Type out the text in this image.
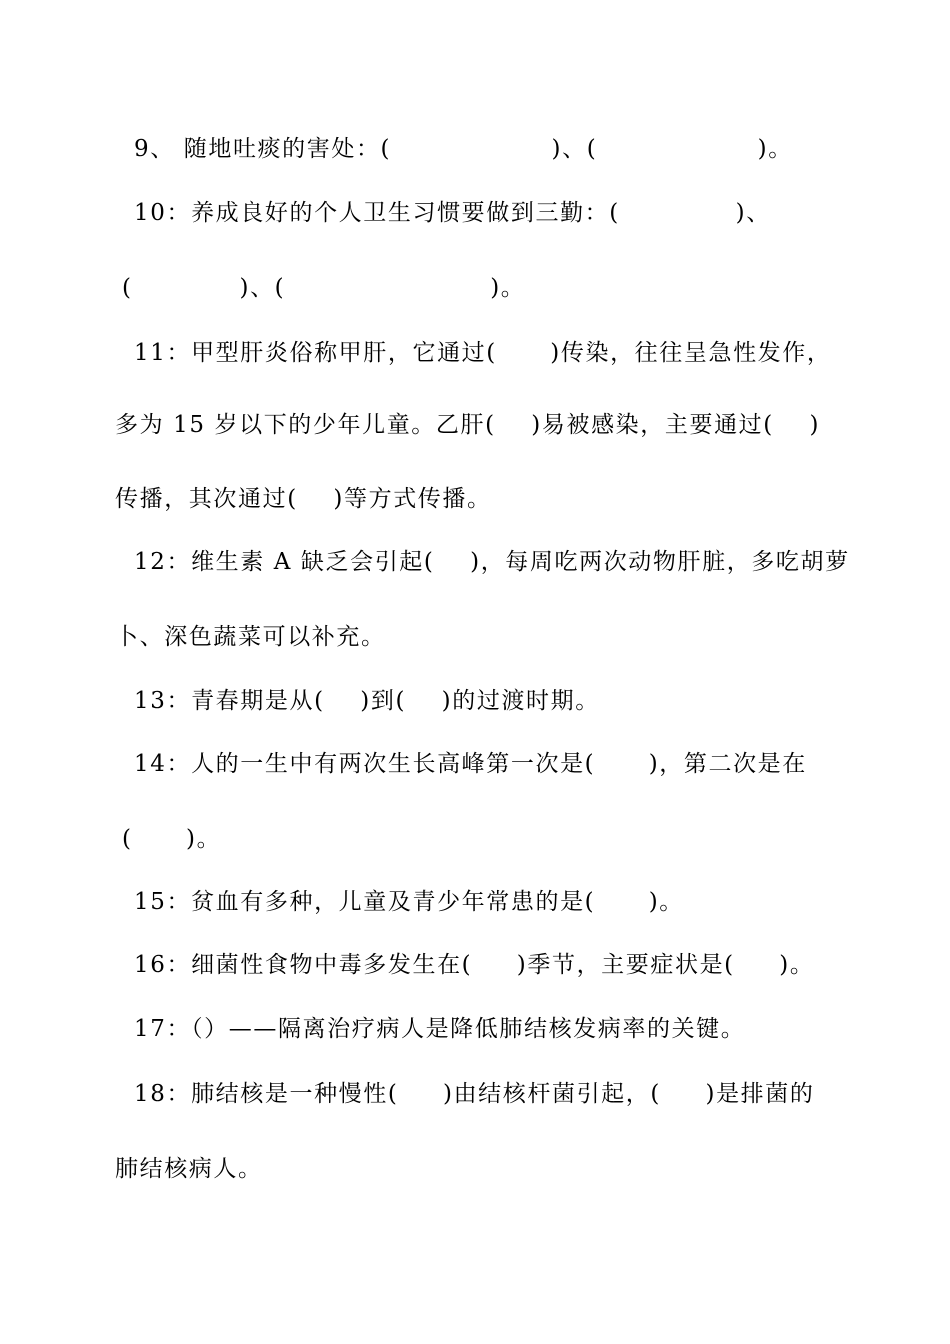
9、 随地吐痰的害处：(                  )、(                  )。
10：养成良好的个人卫生习惯要做到三勤：(             )、
(            )、(                       )。
11：甲型肝炎俗称甲肝，它通过(      )传染，往往呈急性发作，
多为 15 岁以下的少年儿童。乙肝(    )易被感染，主要通过(    )
传播，其次通过(    )等方式传播。
12：维生素 A 缺乏会引起(    )，每周吃两次动物肝脏，多吃胡萝
卜、深色蔬菜可以补充。
13：青春期是从(    )到(    )的过渡时期。
14：人的一生中有两次生长高峰第一次是(      )，第二次是在
(      )。
15：贫血有多种，儿童及青少年常患的是(      )。
16：细菌性食物中毒多发生在(     )季节，主要症状是(     )。
17：（）——隔离治疗病人是降低肺结核发病率的关键。
18：肺结核是一种慢性(     )由结核杆菌引起，(     )是排菌的
肺结核病人。
